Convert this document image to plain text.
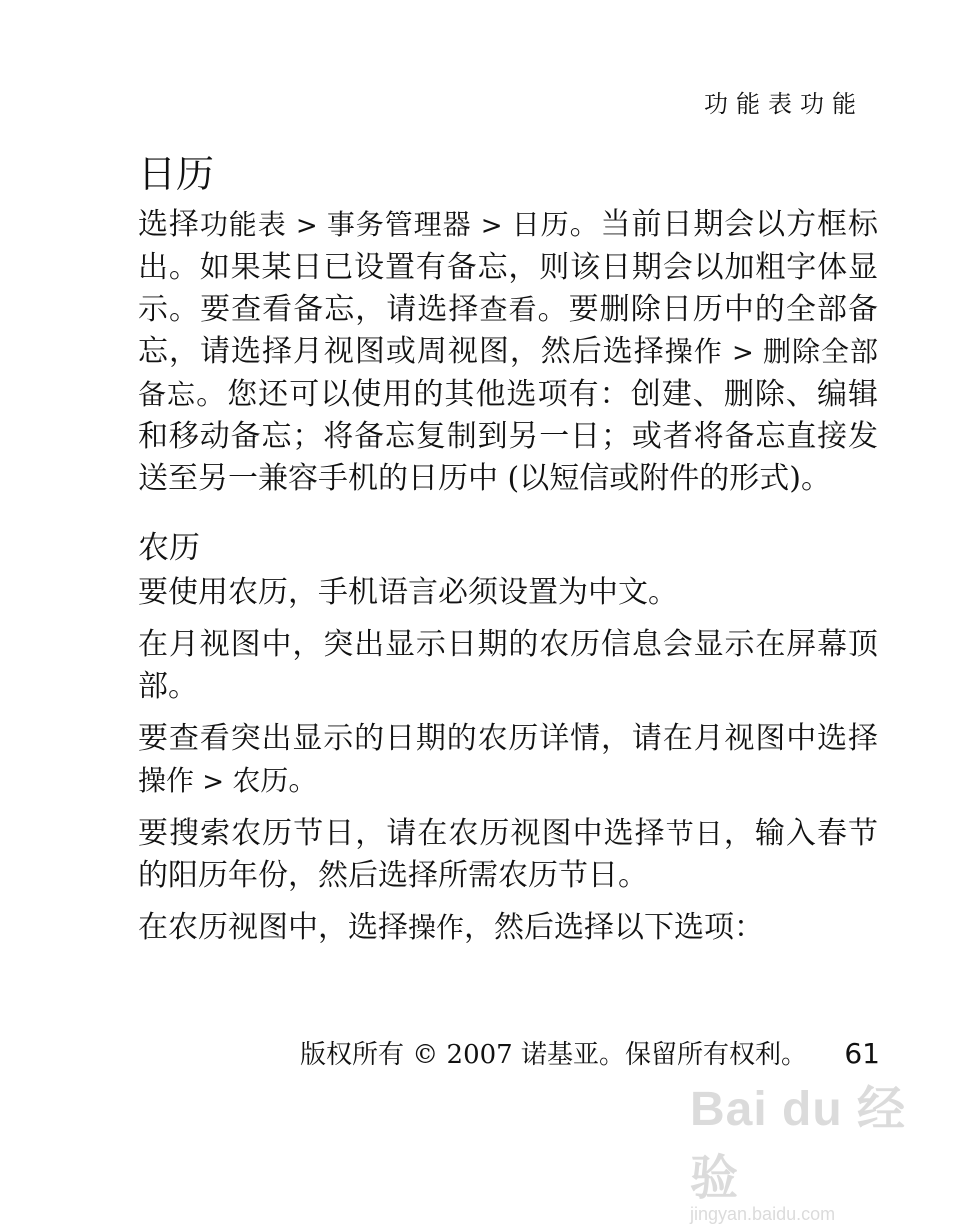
功能表功能
日历

选择功能表 > 事务管理器 > 日历。当前日期会以方框标出。如果某日已设置有备忘，则该日期会以加粗字体显示。要查看备忘，请选择查看。要删除日历中的全部备忘，请选择月视图或周视图，然后选择操作 > 删除全部备忘。您还可以使用的其他选项有：创建、删除、编辑和移动备忘；将备忘复制到另一日；或者将备忘直接发送至另一兼容手机的日历中 (以短信或附件的形式)。

农历

要使用农历，手机语言必须设置为中文。

在月视图中，突出显示日期的农历信息会显示在屏幕顶部。

要查看突出显示的日期的农历详情，请在月视图中选择操作 > 农历。

要搜索农历节日，请在农历视图中选择节日，输入春节的阳历年份，然后选择所需农历节日。

在农历视图中，选择操作，然后选择以下选项：

版权所有 © 2007 诺基亚。保留所有权利。 61
Bai du 经验
jingyan.baidu.com
